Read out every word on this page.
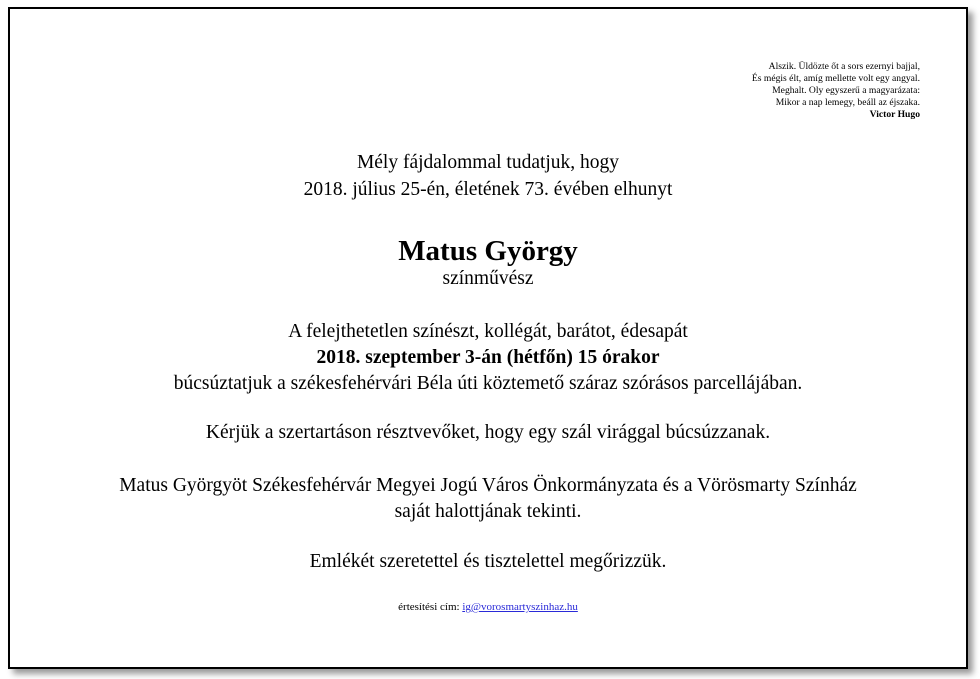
Alszik. Üldözte őt a sors ezernyi bajjal,
És mégis élt, amíg mellette volt egy angyal.
Meghalt. Oly egyszerű a magyarázata:
Mikor a nap lemegy, beáll az éjszaka.
Victor Hugo
Mély fájdalommal tudatjuk, hogy
2018. július 25-én, életének 73. évében elhunyt
Matus György
színművész
A felejthetetlen színészt, kollégát, barátot, édesapát
2018. szeptember 3-án (hétfőn) 15 órakor
búcsúztatjuk a székesfehérvári Béla úti köztemető száraz szórásos parcellájában.
Kérjük a szertartáson résztvevőket, hogy egy szál virággal búcsúzzanak.
Matus Györgyöt Székesfehérvár Megyei Jogú Város Önkormányzata és a Vörösmarty Színház
saját halottjának tekinti.
Emlékét szeretettel és tisztelettel megőrizzük.
értesítési cím: ig@vorosmartyszinhaz.hu
